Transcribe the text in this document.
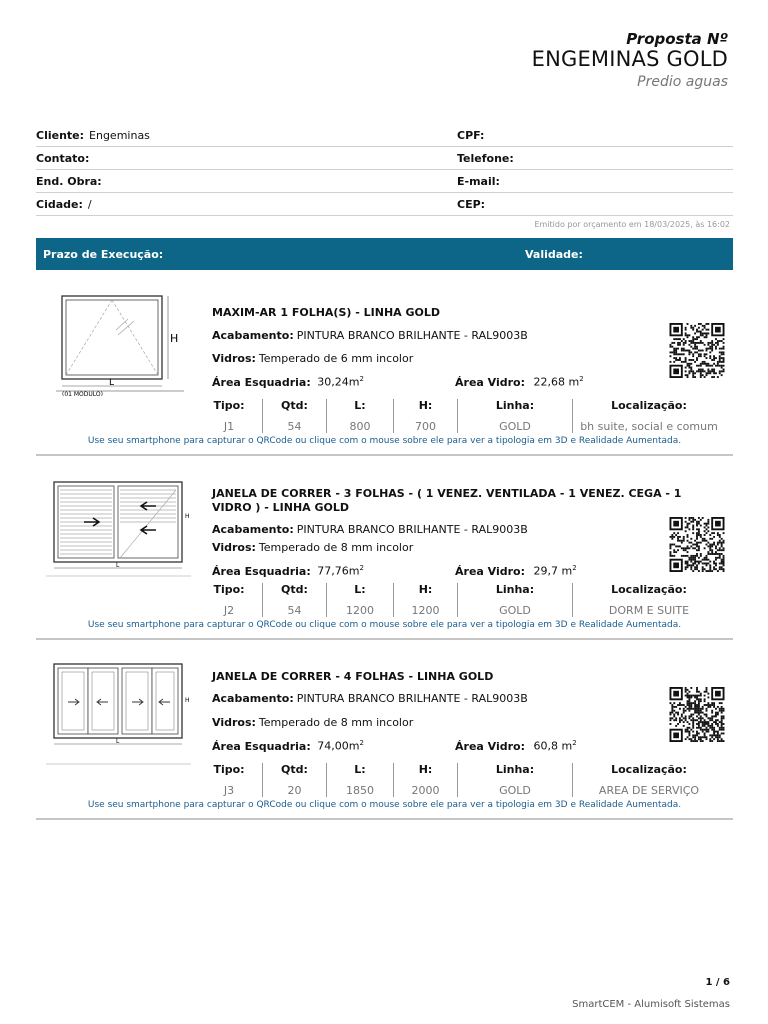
Proposta Nº
ENGEMINAS GOLD
Predio aguas
Cliente: Engeminas	CPF:
Contato:	Telefone:
End. Obra:	E-mail:
Cidade: /	CEP:
Emitido por orçamento em 18/03/2025, às 16:02
Prazo de Execução:	Validade:
H
L
(01 MODULO)
MAXIM-AR 1 FOLHA(S) - LINHA GOLD
Acabamento: PINTURA BRANCO BRILHANTE - RAL9003B
Vidros: Temperado de 6 mm incolor
Área Esquadria: $30,24m^2$	Área Vidro: 22,68 $m^2$
Tipo:
J1
Qtd:
54
L:
800
H:
700
Linha:
GOLD
Localização:
bh suite, social e comum
Use seu smartphone para capturar o QRCode ou clique com o mouse sobre ele para ver a tipologia em 3D e Realidade Aumentada.
H
L
JANELA DE CORRER - 3 FOLHAS - ( 1 VENEZ. VENTILADA - 1 VENEZ. CEGA - 1 VIDRO ) - LINHA GOLD
Acabamento: PINTURA BRANCO BRILHANTE - RAL9003B
Vidros: Temperado de 8 mm incolor
Área Esquadria: $77,76m^2$	Área Vidro: 29,7 $m^2$
Tipo:
J2
Qtd:
54
L:
1200
H:
1200
Linha:
GOLD
Localização:
DORM E SUITE
Use seu smartphone para capturar o QRCode ou clique com o mouse sobre ele para ver a tipologia em 3D e Realidade Aumentada.
H
L
JANELA DE CORRER - 4 FOLHAS - LINHA GOLD
Acabamento: PINTURA BRANCO BRILHANTE - RAL9003B
Vidros: Temperado de 8 mm incolor
Área Esquadria: $74,00m^2$	Área Vidro: 60,8 $m^2$
Tipo:
J3
Qtd:
20
L:
1850
H:
2000
Linha:
GOLD
Localização:
AREA DE SERVIÇO
Use seu smartphone para capturar o QRCode ou clique com o mouse sobre ele para ver a tipologia em 3D e Realidade Aumentada.
1 / 6
SmartCEM - Alumisoft Sistemas
